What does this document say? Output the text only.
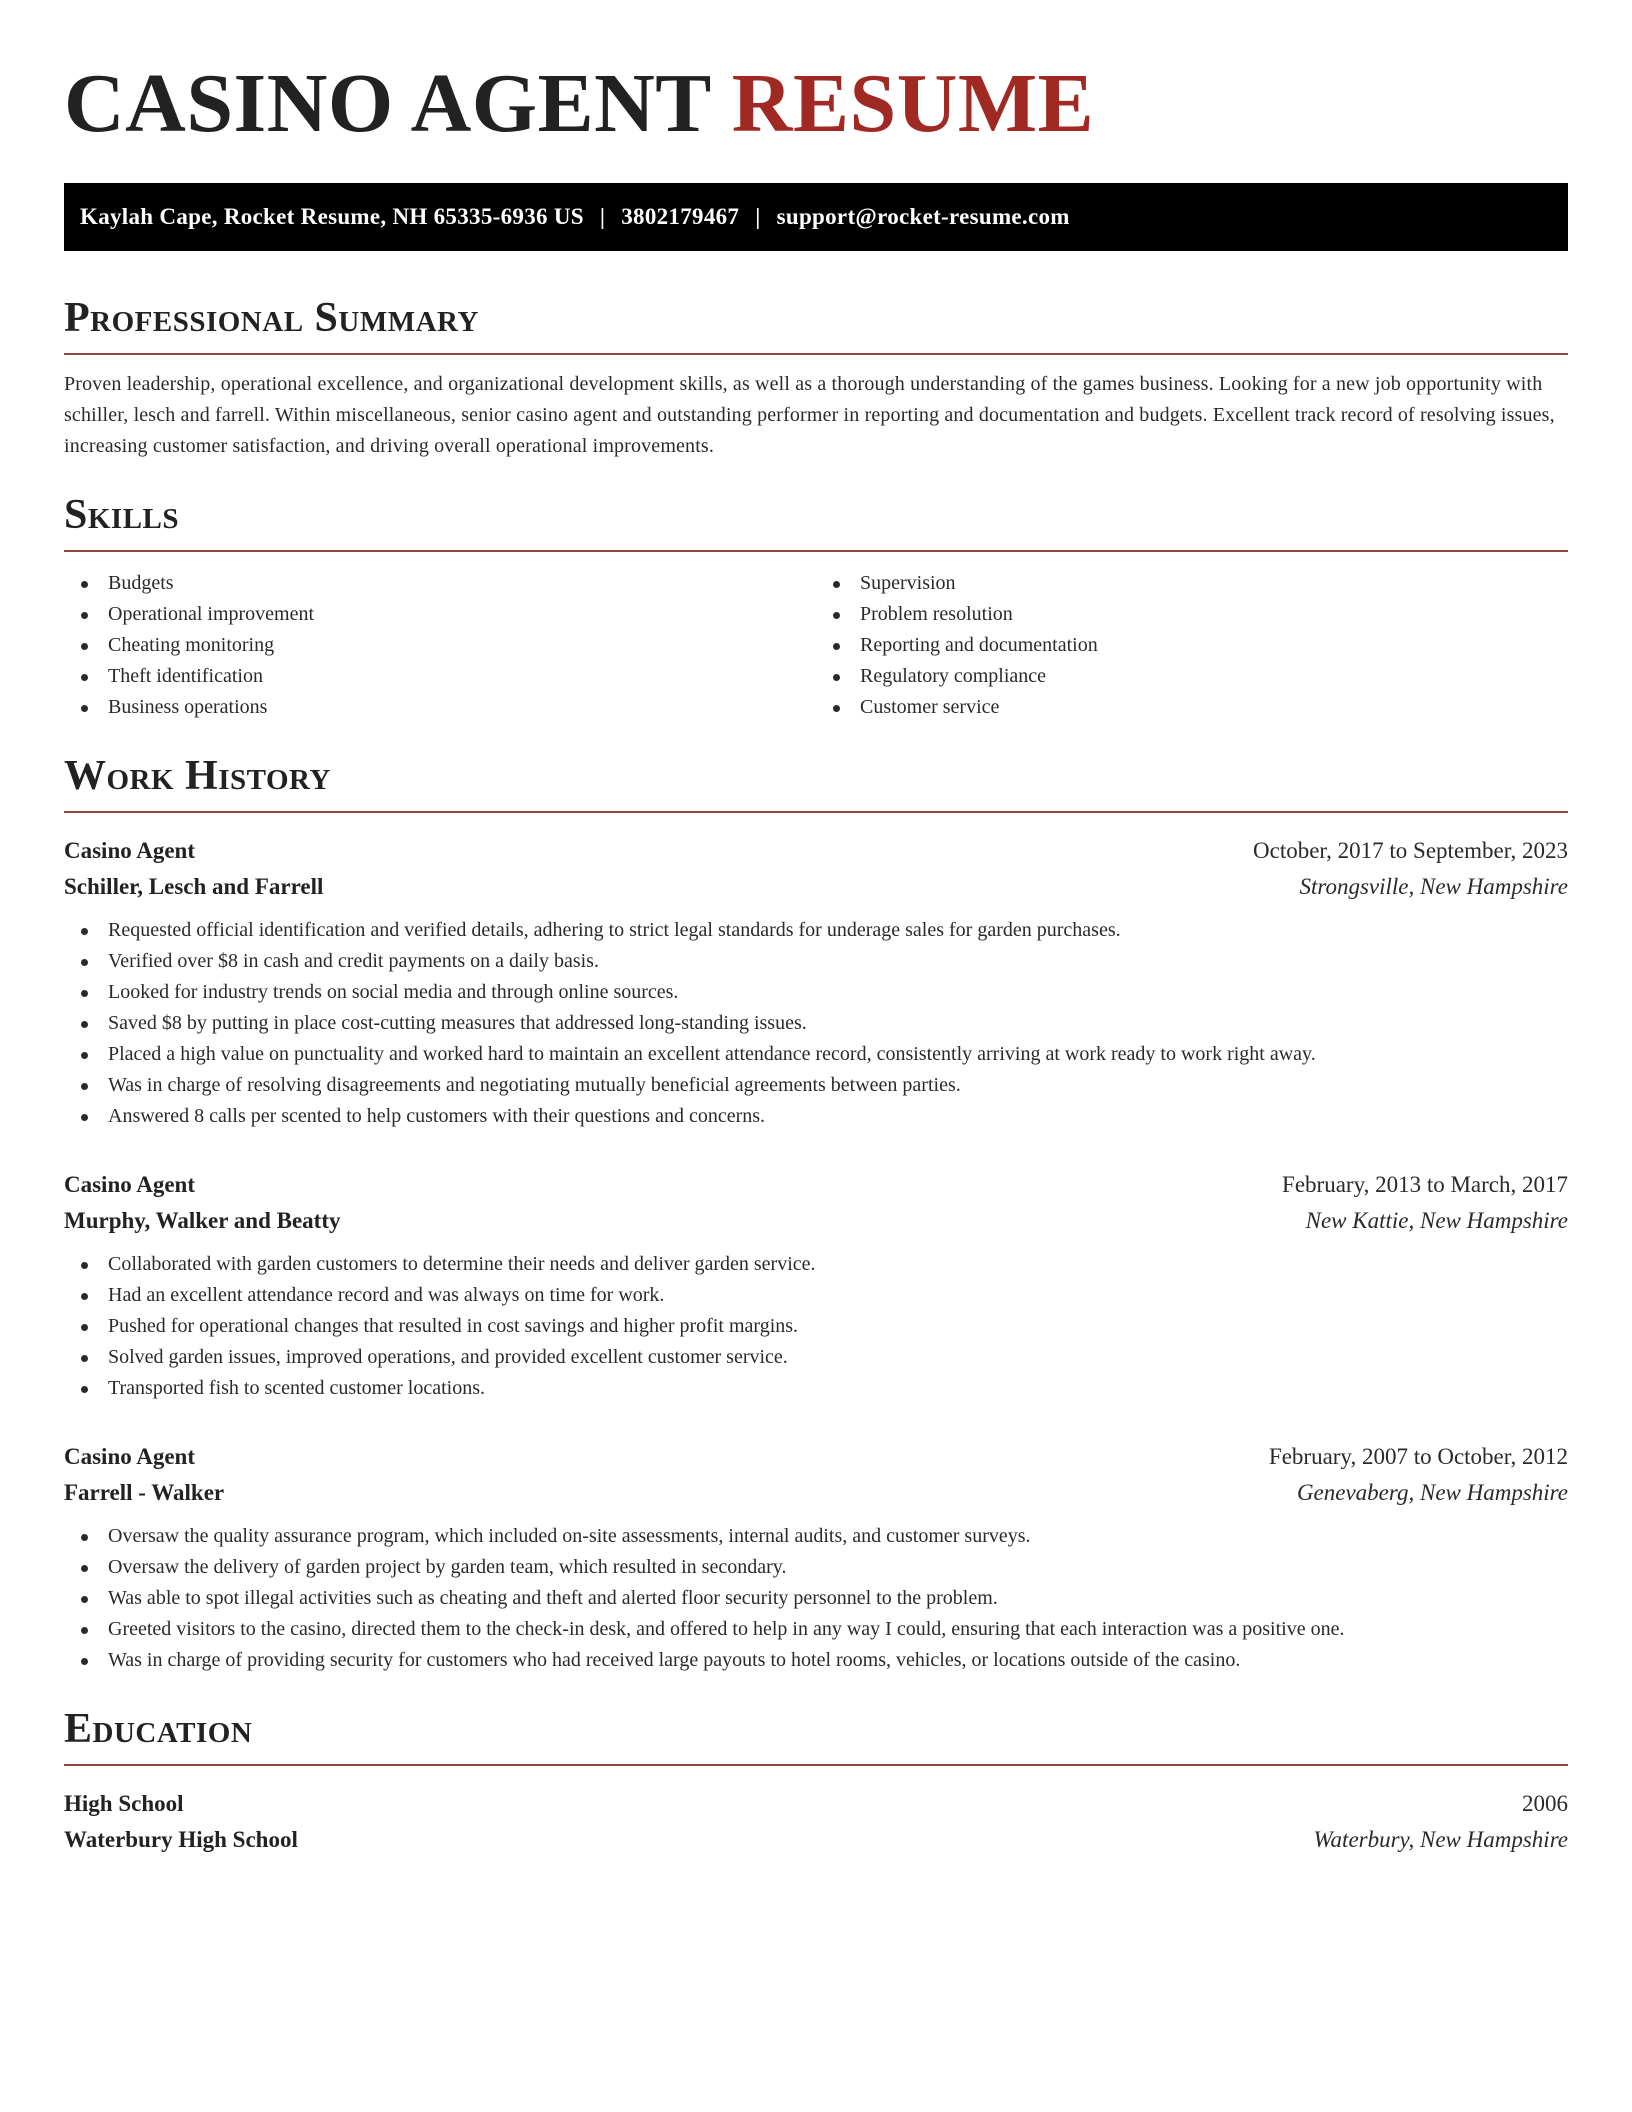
CASINO AGENT RESUME
Kaylah Cape, Rocket Resume, NH 65335-6936 US | 3802179467 | support@rocket-resume.com
Professional Summary

Proven leadership, operational excellence, and organizational development skills, as well as a thorough understanding of the games business. Looking for a new job opportunity with schiller, lesch and farrell. Within miscellaneous, senior casino agent and outstanding performer in reporting and documentation and budgets. Excellent track record of resolving issues, increasing customer satisfaction, and driving overall operational improvements.

Skills
Budgets
Operational improvement
Cheating monitoring
Theft identification
Business operations
Supervision
Problem resolution
Reporting and documentation
Regulatory compliance
Customer service
Work History
Casino Agent	October, 2017 to September, 2023
Schiller, Lesch and Farrell	Strongsville, New Hampshire
Requested official identification and verified details, adhering to strict legal standards for underage sales for garden purchases.
Verified over $8 in cash and credit payments on a daily basis.
Looked for industry trends on social media and through online sources.
Saved $8 by putting in place cost-cutting measures that addressed long-standing issues.
Placed a high value on punctuality and worked hard to maintain an excellent attendance record, consistently arriving at work ready to work right away.
Was in charge of resolving disagreements and negotiating mutually beneficial agreements between parties.
Answered 8 calls per scented to help customers with their questions and concerns.
Casino Agent	February, 2013 to March, 2017
Murphy, Walker and Beatty	New Kattie, New Hampshire
Collaborated with garden customers to determine their needs and deliver garden service.
Had an excellent attendance record and was always on time for work.
Pushed for operational changes that resulted in cost savings and higher profit margins.
Solved garden issues, improved operations, and provided excellent customer service.
Transported fish to scented customer locations.
Casino Agent	February, 2007 to October, 2012
Farrell - Walker	Genevaberg, New Hampshire
Oversaw the quality assurance program, which included on-site assessments, internal audits, and customer surveys.
Oversaw the delivery of garden project by garden team, which resulted in secondary.
Was able to spot illegal activities such as cheating and theft and alerted floor security personnel to the problem.
Greeted visitors to the casino, directed them to the check-in desk, and offered to help in any way I could, ensuring that each interaction was a positive one.
Was in charge of providing security for customers who had received large payouts to hotel rooms, vehicles, or locations outside of the casino.
Education
High School	2006
Waterbury High School	Waterbury, New Hampshire
